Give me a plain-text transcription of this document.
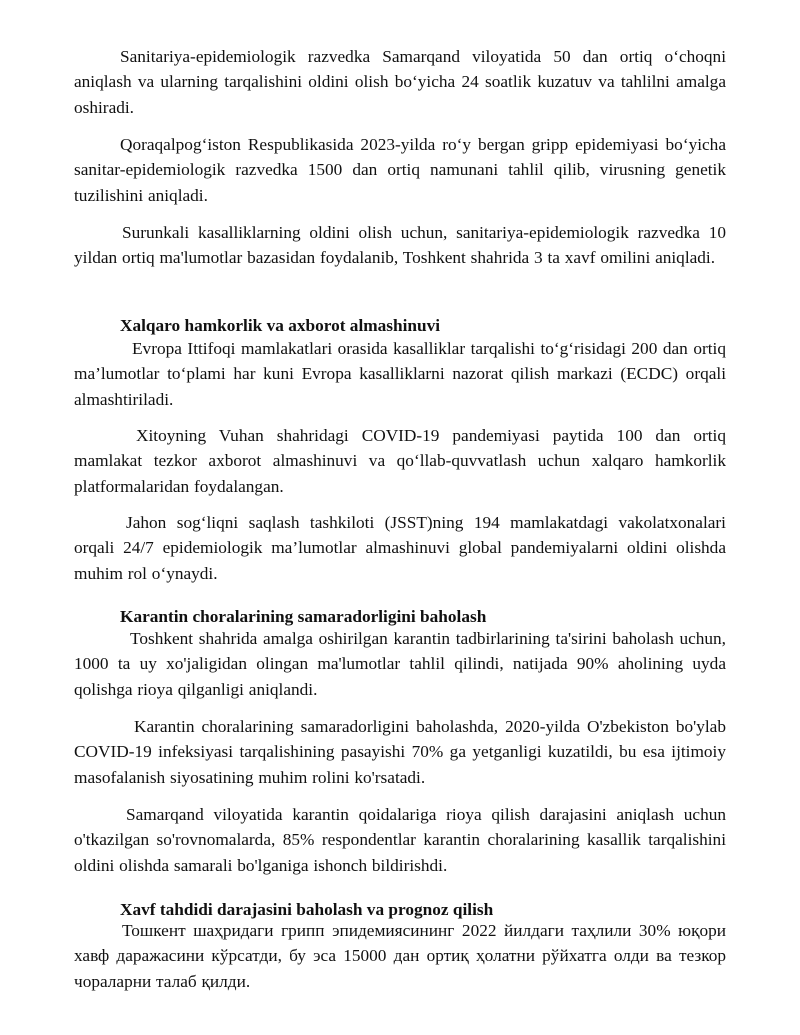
Sanitariya-epidemiologik razvedka Samarqand viloyatida 50 dan ortiq o‘choqni aniqlash va ularning tarqalishini oldini olish bo‘yicha 24 soatlik kuzatuv va tahlilni amalga oshiradi.

Qoraqalpog‘iston Respublikasida 2023-yilda ro‘y bergan gripp epidemiyasi bo‘yicha sanitar-epidemiologik razvedka 1500 dan ortiq namunani tahlil qilib, virusning genetik tuzilishini aniqladi.

Surunkali kasalliklarning oldini olish uchun, sanitariya-epidemiologik razvedka 10 yildan ortiq ma'lumotlar bazasidan foydalanib, Toshkent shahrida 3 ta xavf omilini aniqladi.

Xalqaro hamkorlik va axborot almashinuvi

Evropa Ittifoqi mamlakatlari orasida kasalliklar tarqalishi to‘g‘risidagi 200 dan ortiq ma’lumotlar to‘plami har kuni Evropa kasalliklarni nazorat qilish markazi (ECDC) orqali almashtiriladi.

Xitoyning Vuhan shahridagi COVID-19 pandemiyasi paytida 100 dan ortiq mamlakat tezkor axborot almashinuvi va qo‘llab-quvvatlash uchun xalqaro hamkorlik platformalaridan foydalangan.

Jahon sog‘liqni saqlash tashkiloti (JSST)ning 194 mamlakatdagi vakolatxonalari orqali 24/7 epidemiologik ma’lumotlar almashinuvi global pandemiyalarni oldini olishda muhim rol o‘ynaydi.

Karantin choralarining samaradorligini baholash

Toshkent shahrida amalga oshirilgan karantin tadbirlarining ta'sirini baholash uchun, 1000 ta uy xo'jaligidan olingan ma'lumotlar tahlil qilindi, natijada 90% aholining uyda qolishga rioya qilganligi aniqlandi.

Karantin choralarining samaradorligini baholashda, 2020-yilda O'zbekiston bo'ylab COVID-19 infeksiyasi tarqalishining pasayishi 70% ga yetganligi kuzatildi, bu esa ijtimoiy masofalanish siyosatining muhim rolini ko'rsatadi.

Samarqand viloyatida karantin qoidalariga rioya qilish darajasini aniqlash uchun o'tkazilgan so'rovnomalarda, 85% respondentlar karantin choralarining kasallik tarqalishini oldini olishda samarali bo'lganiga ishonch bildirishdi.

Xavf tahdidi darajasini baholash va prognoz qilish

Тошкент шаҳридаги грипп эпидемиясининг 2022 йилдаги таҳлили 30% юқори хавф даражасини кўрсатди, бу эса 15000 дан ортиқ ҳолатни рўйхатга олди ва тезкор чораларни талаб қилди.
